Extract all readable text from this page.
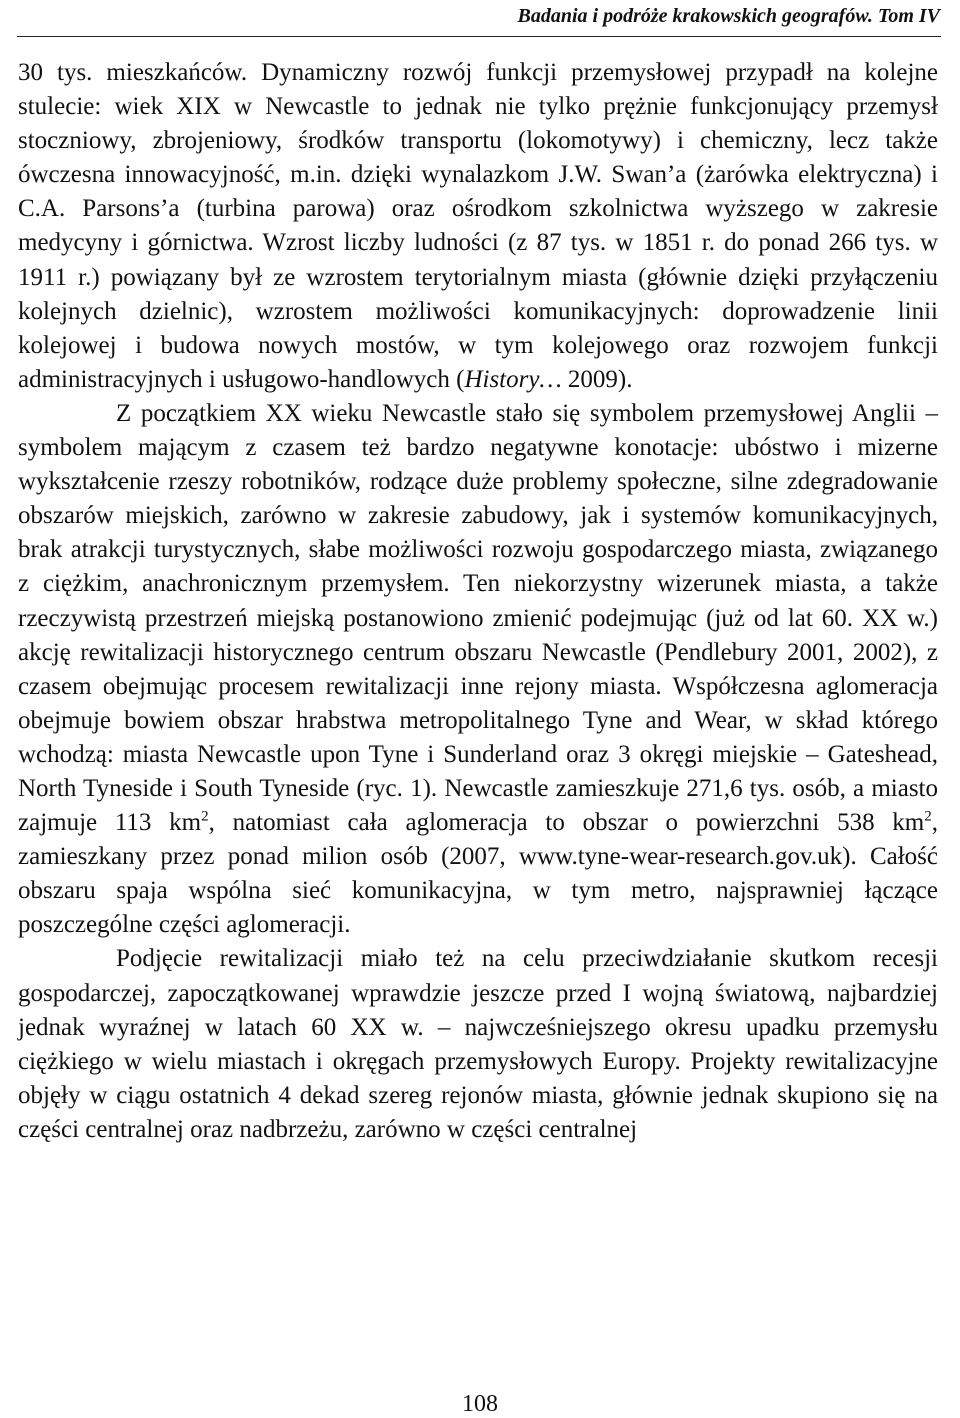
Badania i podróże krakowskich geografów. Tom IV

30 tys. mieszkańców. Dynamiczny rozwój funkcji przemysłowej przypadł na kolejne stulecie: wiek XIX w Newcastle to jednak nie tylko prężnie funkcjonujący przemysł stoczniowy, zbrojeniowy, środków transportu (lokomotywy) i chemiczny, lecz także ówczesna innowacyjność, m.in. dzięki wynalazkom J.W. Swan’a (żarówka elektryczna) i C.A. Parsons’a (turbina parowa) oraz ośrodkom szkolnictwa wyższego w zakresie medycyny i górnictwa. Wzrost liczby ludności (z 87 tys. w 1851 r. do ponad 266 tys. w 1911 r.) powiązany był ze wzrostem terytorialnym miasta (głównie dzięki przyłączeniu kolejnych dzielnic), wzrostem możliwości komunikacyjnych: doprowadzenie linii kolejowej i budowa nowych mostów, w tym kolejowego oraz rozwojem funkcji administracyjnych i usługowo-handlowych (History… 2009).

Z początkiem XX wieku Newcastle stało się symbolem przemysłowej Anglii – symbolem mającym z czasem też bardzo negatywne konotacje: ubóstwo i mizerne wykształcenie rzeszy robotników, rodzące duże problemy społeczne, silne zdegradowanie obszarów miejskich, zarówno w zakresie zabudowy, jak i systemów komunikacyjnych, brak atrakcji turystycznych, słabe możliwości rozwoju gospodarczego miasta, związanego z ciężkim, anachronicznym przemysłem. Ten niekorzystny wizerunek miasta, a także rzeczywistą przestrzeń miejską postanowiono zmienić podejmując (już od lat 60. XX w.) akcję rewitalizacji historycznego centrum obszaru Newcastle (Pendlebury 2001, 2002), z czasem obejmując procesem rewitalizacji inne rejony miasta. Współczesna aglomeracja obejmuje bowiem obszar hrabstwa metropolitalnego Tyne and Wear, w skład którego wchodzą: miasta Newcastle upon Tyne i Sunderland oraz 3 okręgi miejskie – Gateshead, North Tyneside i South Tyneside (ryc. 1). Newcastle zamieszkuje 271,6 tys. osób, a miasto zajmuje 113 $km^2$, natomiast cała aglomeracja to obszar o powierzchni 538 $km^2$, zamieszkany przez ponad milion osób (2007, www.tyne-wear-research.gov.uk). Całość obszaru spaja wspólna sieć komunikacyjna, w tym metro, najsprawniej łączące poszczególne części aglomeracji.

Podjęcie rewitalizacji miało też na celu przeciwdziałanie skutkom recesji gospodarczej, zapoczątkowanej wprawdzie jeszcze przed I wojną światową, najbardziej jednak wyraźnej w latach 60 XX w. – najwcześniejszego okresu upadku przemysłu ciężkiego w wielu miastach i okręgach przemysłowych Europy. Projekty rewitalizacyjne objęły w ciągu ostatnich 4 dekad szereg rejonów miasta, głównie jednak skupiono się na części centralnej oraz nadbrzeżu, zarówno w części centralnej

108
